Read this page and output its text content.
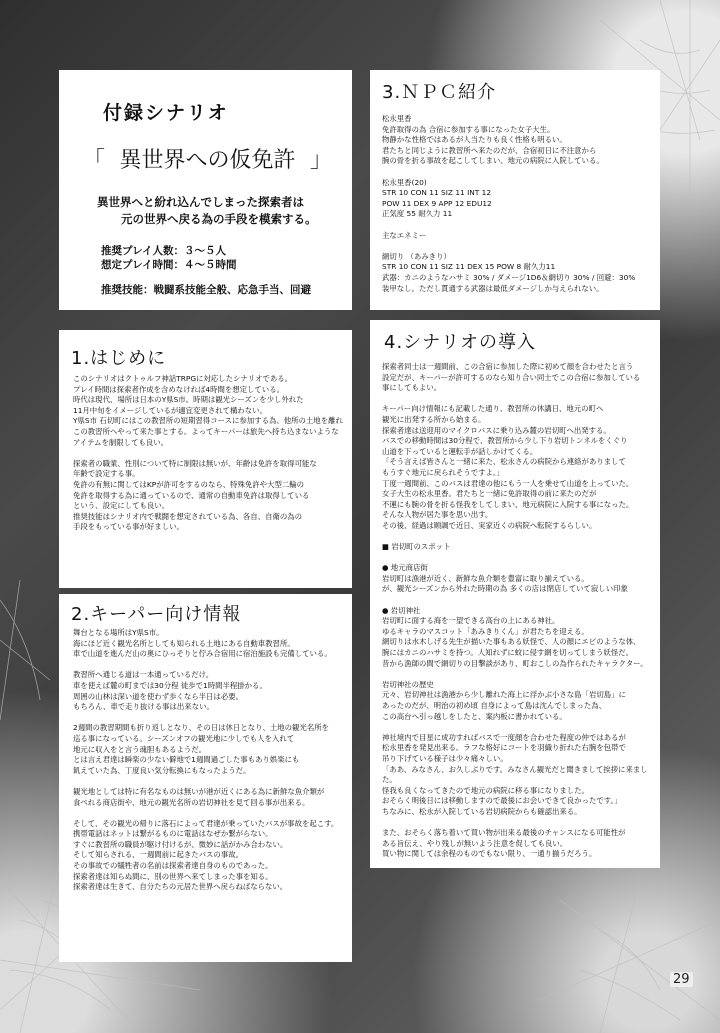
付録シナリオ
「 異世界への仮免許 」
異世界へと紛れ込んでしまった探索者は
元の世界へ戻る為の手段を模索する。
推奨プレイ人数：３〜５人
想定プレイ時間：４〜５時間
推奨技能：戦闘系技能全般、応急手当、回避
1.はじめに
このシナリオはクトゥルフ神話TRPGに対応したシナリオである。
プレイ時間は探索者作成を含めなければ4時間を想定している。
時代は現代、場所は日本のY県S市。時期は観光シーズンを少し外れた
11月中旬をイメージしているが適宜変更されて構わない。
Y県S市 石切町にはこの教習所の短期習得コースに参加する為、他所の土地を離れ
この教習所へやって来た事とする。よってキーパーは旅先へ持ち込まないような
アイテムを制限しても良い。

探索者の職業、性別について特に制限は無いが、年齢は免許を取得可能な
年齢で設定する事。
免許の有無に関してはKPが許可をするのなら、特殊免許や大型二輪の
免許を取得する為に通っているので、通常の自動車免許は取得している
という、設定にしても良い。
推奨技能はシナリオ内で戦闘を想定されている為、各自、自衛の為の
手段をもっている事が好ましい。
2.キーパー向け情報
舞台となる場所はY県S市。
海にほど近く観光名所としても知られる土地にある自動車教習所。
車で山道を進んだ山の奥にひっそりと佇み合宿用に宿泊施設も完備している。

教習所へ通じる道は一本通っているだけ。
車を使えば麓の町までは30分程 徒歩で1時間半程掛かる。
周囲の山林は深い道を使わず歩くなら半日は必要。
もちろん、車で走り抜ける事は出来ない。

2週間の教習期間も折り返しとなり、その日は休日となり、土地の観光名所を
巡る事になっている。シーズンオフの観光地に少しでも人を入れて
地元に収入をと言う魂胆もあるようだ。
とは言え君達は瞬楽の少ない僻地で1週間過ごした事もあり娯楽にも
飢えていた為、丁度良い気分転換にもなったようだ。

観光地としては特に有名なものは無いが港が近くにある為に新鮮な魚介類が
食べれる商店街や、地元の観光名所の岩切神社を見て回る事が出来る。

そして、その観光の帰りに落石によって君達が乗っていたバスが事故を起こす。
携帯電話はネットは繋がるものに電話はなぜか繋がらない。
すぐに教習所の職員が駆け付けるが、微妙に話がかみ合わない。
そして知らされる、一週間前に起きたバスの事故。
その事故での犠牲者の名前は探索者達自身のものであった。
探索者達は知らぬ間に、別の世界へ来てしまった事を知る。
探索者達は生きて、自分たちの元居た世界へ戻らねばならない。
3.ＮＰＣ紹介
松永里香
免許取得の為 合宿に参加する事になった女子大生。
物静かな性格ではあるが人当たりも良く性格も明るい。
君たちと同じように教習所へ来たのだが、合宿初日に不注意から
腕の骨を折る事故を起こしてしまい、地元の病院に入院している。

松永里香(20)
STR 10 CON 11 SIZ 11 INT 12
POW 11 DEX 9 APP 12 EDU12
正気度 55 耐久力 11

主なエネミー

網切り （あみきり）
STR 10 CON 11 SIZ 11 DEX 15 POW 8 耐久力11
武器：カニのようなハサミ 30% / ダメージ1D6＆網切り 30% / 回避：30%
装甲なし。ただし貫通する武器は最低ダメージしか与えられない。
4.シナリオの導入
探索者同士は一週間前、この合宿に参加した際に初めて顔を合わせたと言う
設定だが、キーパーが許可するのなら知り合い同士でこの合宿に参加している
事にしてもよい。

キーパー向け情報にも記載した通り、教習所の休講日、地元の町へ
観光に出発する所から始まる。
探索者達は送迎用のマイクロバスに乗り込み麓の岩切町へ出発する。
バスでの移動時間は30分程で、教習所から少し下り岩切トンネルをくぐり
山道を下っていると運転手が話しかけてくる。
「そう言えば皆さんと一緒に来た、松永さんの病院から連絡がありまして
もうすぐ地元に戻られそうですよ。」
丁度一週間前、このバスは君達の他にもう一人を乗せて山道を上っていた。
女子大生の松永里香。君たちと一緒に免許取得の前に来たのだが
不運にも腕の骨を折る怪我をしてしまい、地元病院に入院する事になった。
そんな人物が居た事を思い出す。
その後、経過は順調で近日、実家近くの病院へ転院するらしい。

■ 岩切町のスポット

● 地元商店街
岩切町は漁港が近く、新鮮な魚介類を豊富に取り揃えている。
が、観光シーズンから外れた時期の為 多くの店は閉店していて寂しい印象

● 岩切神社
岩切町に面する海を一望できる高台の上にある神社。
ゆるキャラのマスコット「あみきりくん」が君たちを迎える。
網切りは水木しげる先生が描いた事もある妖怪で、人の顔にエビのような体、
腕にはカニのハサミを持つ。人知れずに蚊に侵す網を切ってしまう妖怪だ。
昔から漁師の間で網切りの目撃談があり、町おこしの為作られたキャラクター。

岩切神社の歴史
元々、岩切神社は漁港から少し離れた海上に浮かぶ小さな島「岩切島」に
あったのだが、明治の初め頃 自身によって島は沈んでしまった為、
この高台へ引っ越しをしたと、案内板に書かれている。

神社境内で目星に成功すればバスで一度顔を合わせた程度の仲ではあるが
松永里香を発見出来る。ラフな格好にコートを羽織り折れた右腕を包帯で
吊り下げている様子は少々痛々しい。
「ああ、みなさん、お久しぶりです。みなさん観光だと聞きまして挨拶に来ました。
怪我も良くなってきたので地元の病院に移る事になりました。
おそらく明後日には移動しますので最後にお会いできて良かったです。」
ちなみに、松永が入院している岩切病院からも確認出来る。

また、おそらく落ち着いて買い物が出来る最後のチャンスになる可能性が
ある旨伝え、やり残しが無いよう注意を促しても良い。
買い物に関しては余程のものでもない限り、一通り揃うだろう。
29
